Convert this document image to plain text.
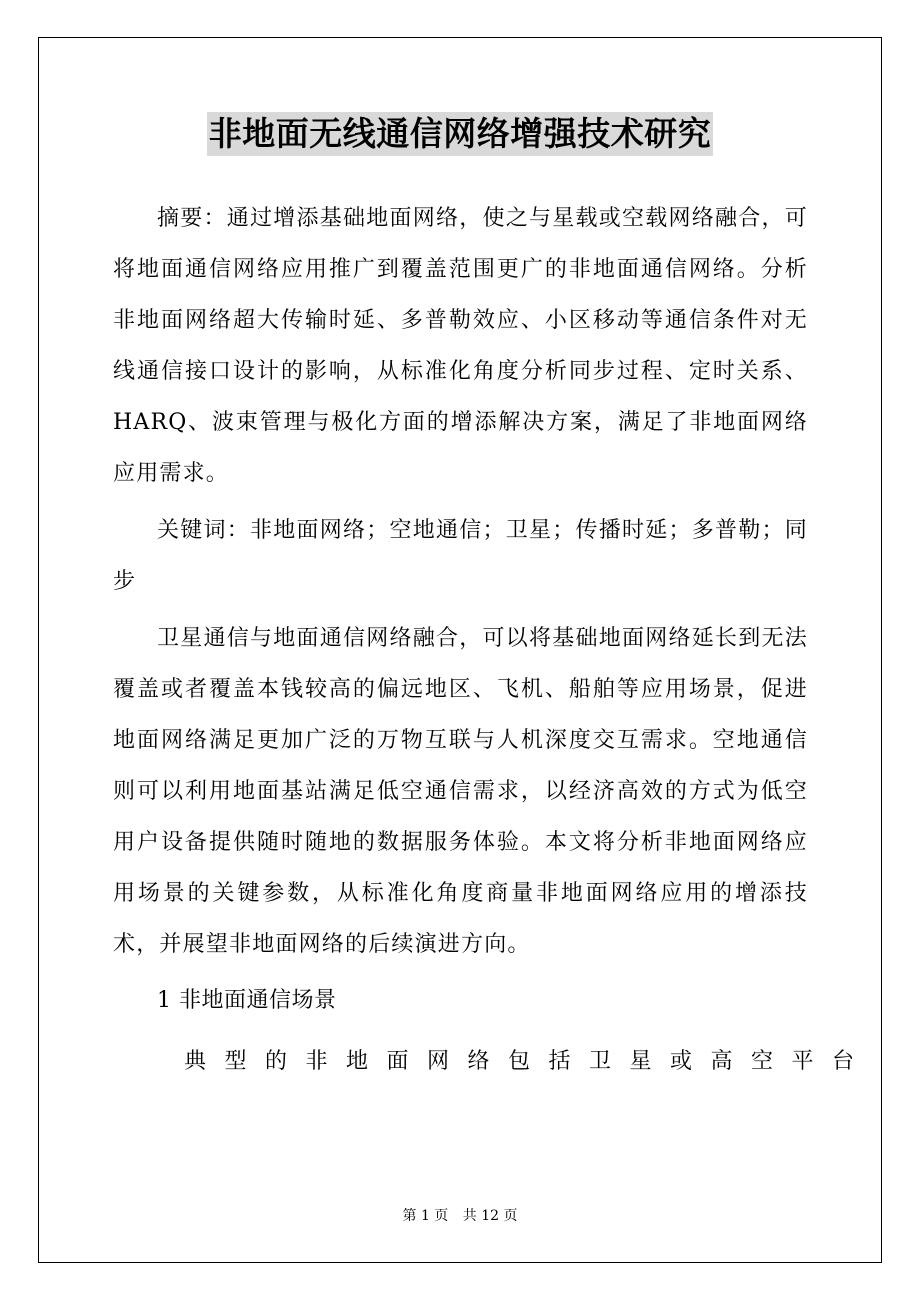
非地面无线通信网络增强技术研究

摘要：通过增添基础地面网络，使之与星载或空载网络融合，可将地面通信网络应用推广到覆盖范围更广的非地面通信网络。分析非地面网络超大传输时延、多普勒效应、小区移动等通信条件对无线通信接口设计的影响，从标准化角度分析同步过程、定时关系、HARQ、波束管理与极化方面的增添解决方案，满足了非地面网络应用需求。

关键词：非地面网络；空地通信；卫星；传播时延；多普勒；同步

卫星通信与地面通信网络融合，可以将基础地面网络延长到无法覆盖或者覆盖本钱较高的偏远地区、飞机、船舶等应用场景，促进地面网络满足更加广泛的万物互联与人机深度交互需求。空地通信则可以利用地面基站满足低空通信需求，以经济高效的方式为低空用户设备提供随时随地的数据服务体验。本文将分析非地面网络应用场景的关键参数，从标准化角度商量非地面网络应用的增添技术，并展望非地面网络的后续演进方向。

1 非地面通信场景

典型的非地面网络包括卫星或高空平台

第 1 页 共 12 页
